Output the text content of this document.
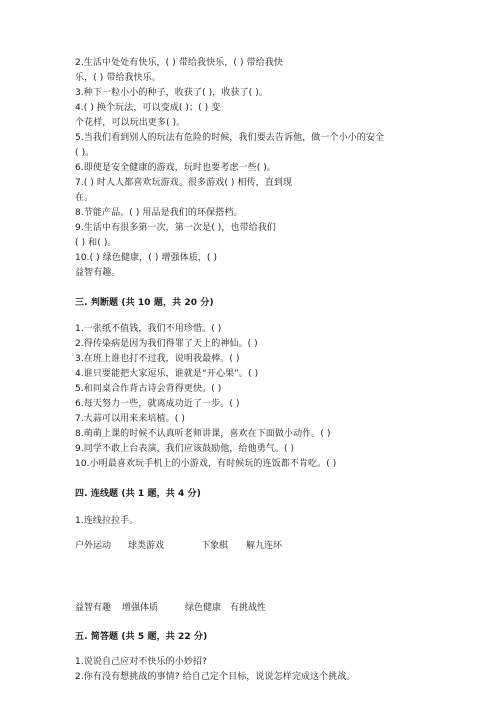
2.生活中处处有快乐，( ) 带给我快乐，( ) 带给我快

乐，( ) 带给我快乐。

3.种下一粒小小的种子，收获了( )，收获了( )。

4.( ) 换个玩法，可以变成( )；( ) 变

个花样，可以玩出更多( )。

5.当我们看到别人的玩法有危险的时候，我们要去告诉他，做一个小小的安全

( )。

6.即使是安全健康的游戏，玩时也要考虑一些( )。

7.( ) 时人人都喜欢玩游戏。很多游戏( ) 相传，直到现

在。

8.节能产品、( ) 用品是我们的环保搭档。

9.生活中有很多第一次，第一次是( )，也带给我们

( ) 和( )。

10.( ) 绿色健康，( ) 增强体质，( )

益智有趣。

三. 判断题 (共 10 题，共 20 分)

1.一张纸不值钱，我们不用珍惜。( )

2.得传染病是因为我们得罪了天上的神仙。( )

3.在班上谁也打不过我，说明我最棒。( )

4.谁只要能把大家逗乐，谁就是“开心果”。( )

5.和同桌合作背古诗会背得更快。( )

6.每天努力一些，就离成功近了一步。( )

7.大蒜可以用来来培植。( )

8.萌萌上课的时候不认真听老师讲课，喜欢在下面做小动作。( )

9.同学不敢上台表演，我们应该鼓励他，给他勇气。( )

10.小明最喜欢玩手机上的小游戏，有时候玩的连饭都不肯吃。( )

四. 连线题 (共 1 题，共 4 分)

1.连线拉拉手。

户外运动 球类游戏	下象棋 解九连环
益智有趣 增强体质	绿色健康 有挑战性

五. 简答题 (共 5 题，共 22 分)

1.说说自己应对不快乐的小妙招?

2.你有没有想挑战的事情? 给自己定个目标，说说怎样完成这个挑战。
